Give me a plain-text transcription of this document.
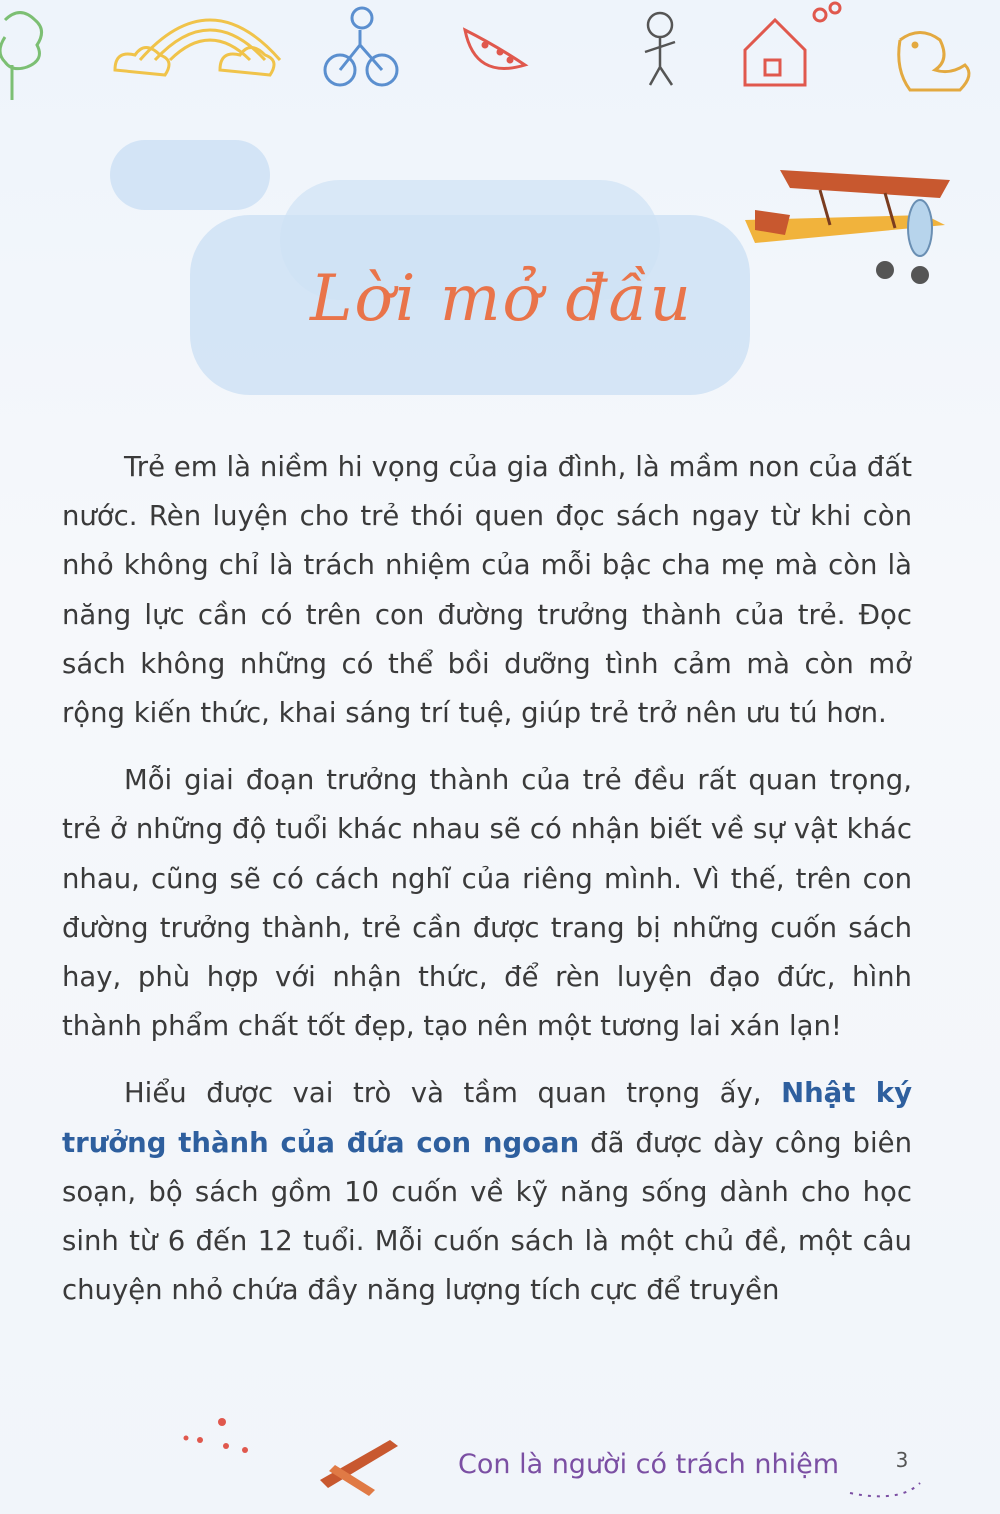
Lời mở đầu

Trẻ em là niềm hi vọng của gia đình, là mầm non của đất nước. Rèn luyện cho trẻ thói quen đọc sách ngay từ khi còn nhỏ không chỉ là trách nhiệm của mỗi bậc cha mẹ mà còn là năng lực cần có trên con đường trưởng thành của trẻ. Đọc sách không những có thể bồi dưỡng tình cảm mà còn mở rộng kiến thức, khai sáng trí tuệ, giúp trẻ trở nên ưu tú hơn.

Mỗi giai đoạn trưởng thành của trẻ đều rất quan trọng, trẻ ở những độ tuổi khác nhau sẽ có nhận biết về sự vật khác nhau, cũng sẽ có cách nghĩ của riêng mình. Vì thế, trên con đường trưởng thành, trẻ cần được trang bị những cuốn sách hay, phù hợp với nhận thức, để rèn luyện đạo đức, hình thành phẩm chất tốt đẹp, tạo nên một tương lai xán lạn!

Hiểu được vai trò và tầm quan trọng ấy, Nhật ký trưởng thành của đứa con ngoan đã được dày công biên soạn, bộ sách gồm 10 cuốn về kỹ năng sống dành cho học sinh từ 6 đến 12 tuổi. Mỗi cuốn sách là một chủ đề, một câu chuyện nhỏ chứa đầy năng lượng tích cực để truyền

Con là người có trách nhiệm	3
